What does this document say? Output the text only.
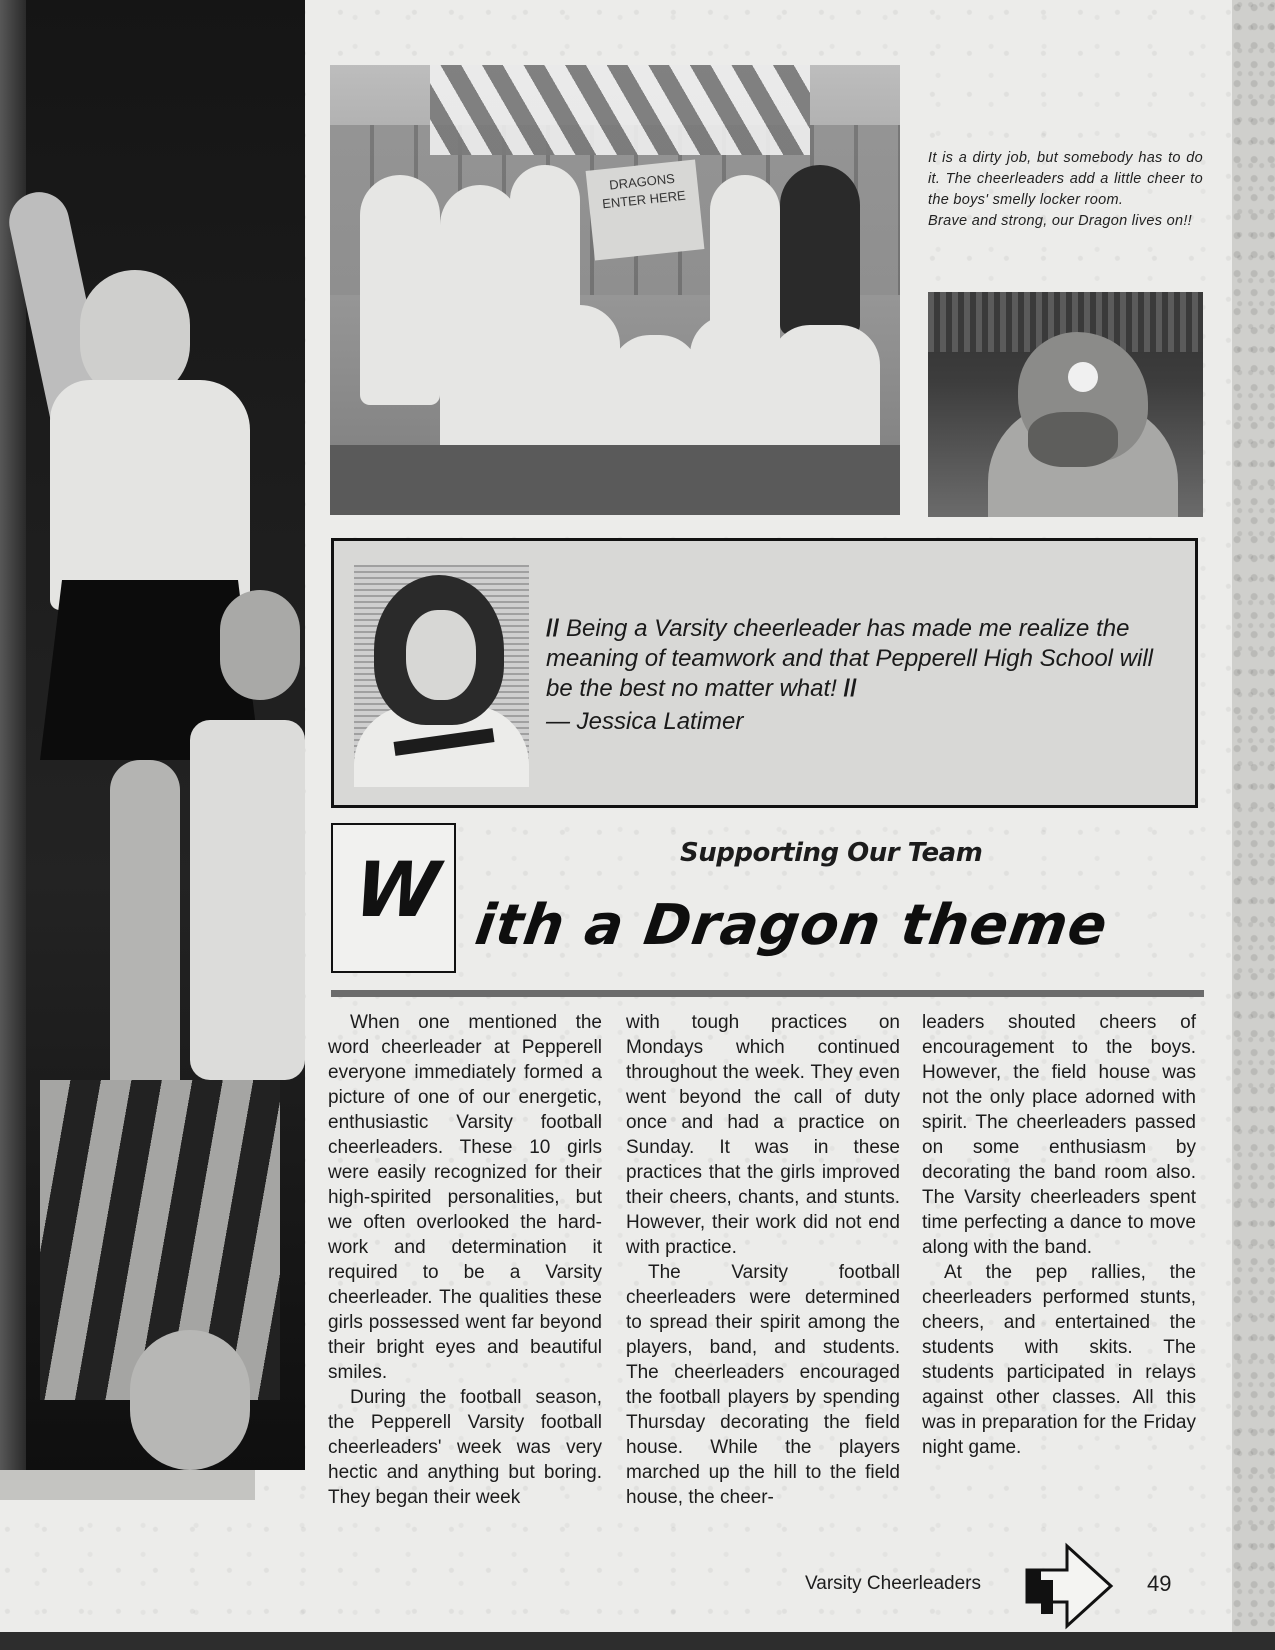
DRAGONS ENTER HERE

It is a dirty job, but somebody has to do it. The cheerleaders add a little cheer to the boys' smelly locker room.

Brave and strong, our Dragon lives on!!

// Being a Varsity cheerleader has made me realize the meaning of teamwork and that Pepperell High School will be the best no matter what! //
— Jessica Latimer
W	Supporting Our Team
ith a Dragon theme

When one mentioned the word cheerleader at Pepperell everyone immediately formed a picture of one of our energetic, enthusiastic Varsity football cheerleaders. These 10 girls were easily recognized for their high-spirited personalities, but we often overlooked the hard-work and determination it required to be a Varsity cheerleader. The qualities these girls possessed went far beyond their bright eyes and beautiful smiles.

During the football season, the Pepperell Varsity football cheerleaders' week was very hectic and anything but boring. They began their week

with tough practices on Mondays which continued throughout the week. They even went beyond the call of duty once and had a practice on Sunday. It was in these practices that the girls improved their cheers, chants, and stunts. However, their work did not end with practice.

The Varsity football cheerleaders were determined to spread their spirit among the players, band, and students. The cheerleaders encouraged the football players by spending Thursday decorating the field house. While the players marched up the hill to the field house, the cheer-

leaders shouted cheers of encouragement to the boys. However, the field house was not the only place adorned with spirit. The cheerleaders passed on some enthusiasm by decorating the band room also. The Varsity cheerleaders spent time perfecting a dance to move along with the band.

At the pep rallies, the cheerleaders performed stunts, cheers, and entertained the students with skits. The students participated in relays against other classes. All this was in preparation for the Friday night game.

Varsity Cheerleaders	49
